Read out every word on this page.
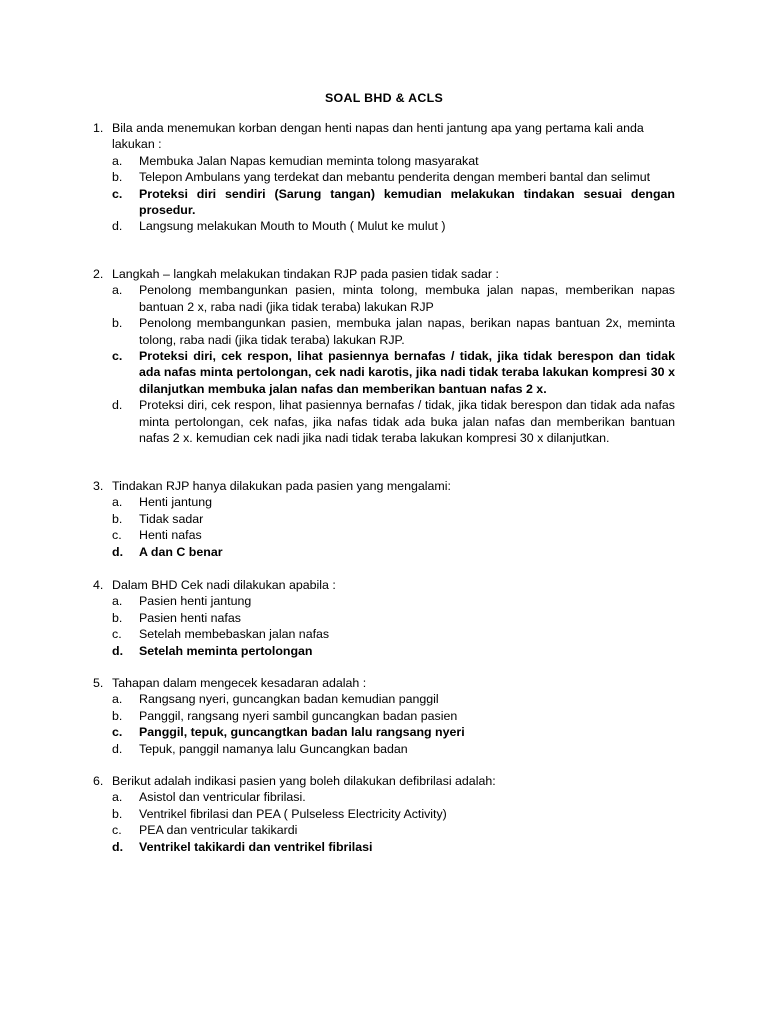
SOAL BHD & ACLS
1. Bila anda menemukan korban dengan henti napas dan henti jantung apa yang pertama kali anda lakukan :
a.	Membuka Jalan Napas kemudian meminta tolong masyarakat
b.	Telepon Ambulans yang terdekat dan mebantu penderita dengan memberi bantal dan selimut
c.	Proteksi diri sendiri (Sarung tangan) kemudian melakukan tindakan sesuai dengan prosedur.
d.	Langsung melakukan Mouth to Mouth ( Mulut ke mulut )
2. Langkah – langkah melakukan tindakan RJP pada pasien tidak sadar :
a.	Penolong membangunkan pasien, minta tolong, membuka jalan napas, memberikan napas bantuan 2 x, raba nadi (jika tidak teraba) lakukan RJP
b.	Penolong membangunkan pasien, membuka jalan napas, berikan napas bantuan 2x, meminta tolong, raba nadi (jika tidak teraba) lakukan RJP.
c.	Proteksi diri, cek respon, lihat pasiennya bernafas / tidak, jika tidak berespon dan tidak ada nafas minta pertolongan, cek nadi karotis, jika nadi tidak teraba lakukan kompresi 30 x dilanjutkan membuka jalan nafas dan memberikan bantuan nafas 2 x.
d.	Proteksi diri, cek respon, lihat pasiennya bernafas / tidak, jika tidak berespon dan tidak ada nafas minta pertolongan, cek nafas, jika nafas tidak ada buka jalan nafas dan memberikan bantuan nafas 2 x. kemudian cek nadi jika nadi tidak teraba lakukan kompresi 30 x dilanjutkan.
3. Tindakan RJP hanya dilakukan pada pasien yang mengalami:
a.	Henti jantung
b.	Tidak sadar
c.	Henti nafas
d.	A dan C benar
4. Dalam BHD Cek nadi dilakukan apabila :
a.	Pasien henti jantung
b.	Pasien henti nafas
c.	Setelah membebaskan jalan nafas
d.	Setelah meminta pertolongan
5. Tahapan dalam mengecek kesadaran adalah :
a.	Rangsang nyeri, guncangkan badan kemudian panggil
b.	Panggil, rangsang nyeri sambil guncangkan badan pasien
c.	Panggil, tepuk, guncangtkan badan lalu rangsang nyeri
d.	Tepuk, panggil namanya lalu Guncangkan badan
6. Berikut adalah indikasi pasien yang boleh dilakukan defibrilasi adalah:
a.	Asistol dan ventricular fibrilasi.
b.	Ventrikel fibrilasi dan PEA ( Pulseless Electricity Activity)
c.	PEA dan ventricular takikardi
d.	Ventrikel takikardi dan ventrikel fibrilasi
